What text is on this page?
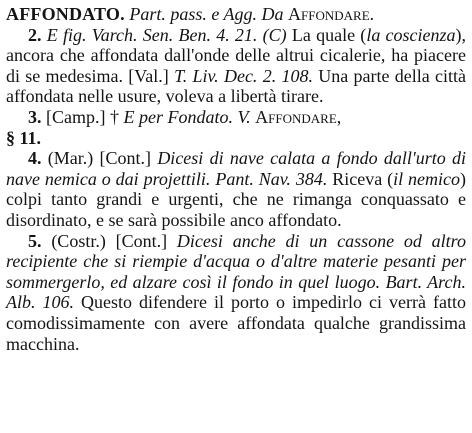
AFFONDATO. Part. pass. e Agg. Da Affondare.

2. E fig. Varch. Sen. Ben. 4. 21. (C) La quale (la coscienza), ancora che affondata dall'onde delle altrui cicalerie, ha piacere di se medesima. [Val.] T. Liv. Dec. 2. 108. Una parte della città affondata nelle usure, voleva a libertà tirare.

3. [Camp.] † E per Fondato. V. Affondare,
§ 11.

4. (Mar.) [Cont.] Dicesi di nave calata a fondo dall'urto di nave nemica o dai projettili. Pant. Nav. 384. Riceva (il nemico) colpi tanto grandi e urgenti, che ne rimanga conquassato e disordinato, e se sarà possibile anco affondato.

5. (Costr.) [Cont.] Dicesi anche di un cassone od altro recipiente che si riempie d'acqua o d'altre materie pesanti per sommergerlo, ed alzare così il fondo in quel luogo. Bart. Arch. Alb. 106. Questo difendere il porto o impedirlo ci verrà fatto comodissimamente con avere affondata qualche grandissima macchina.
